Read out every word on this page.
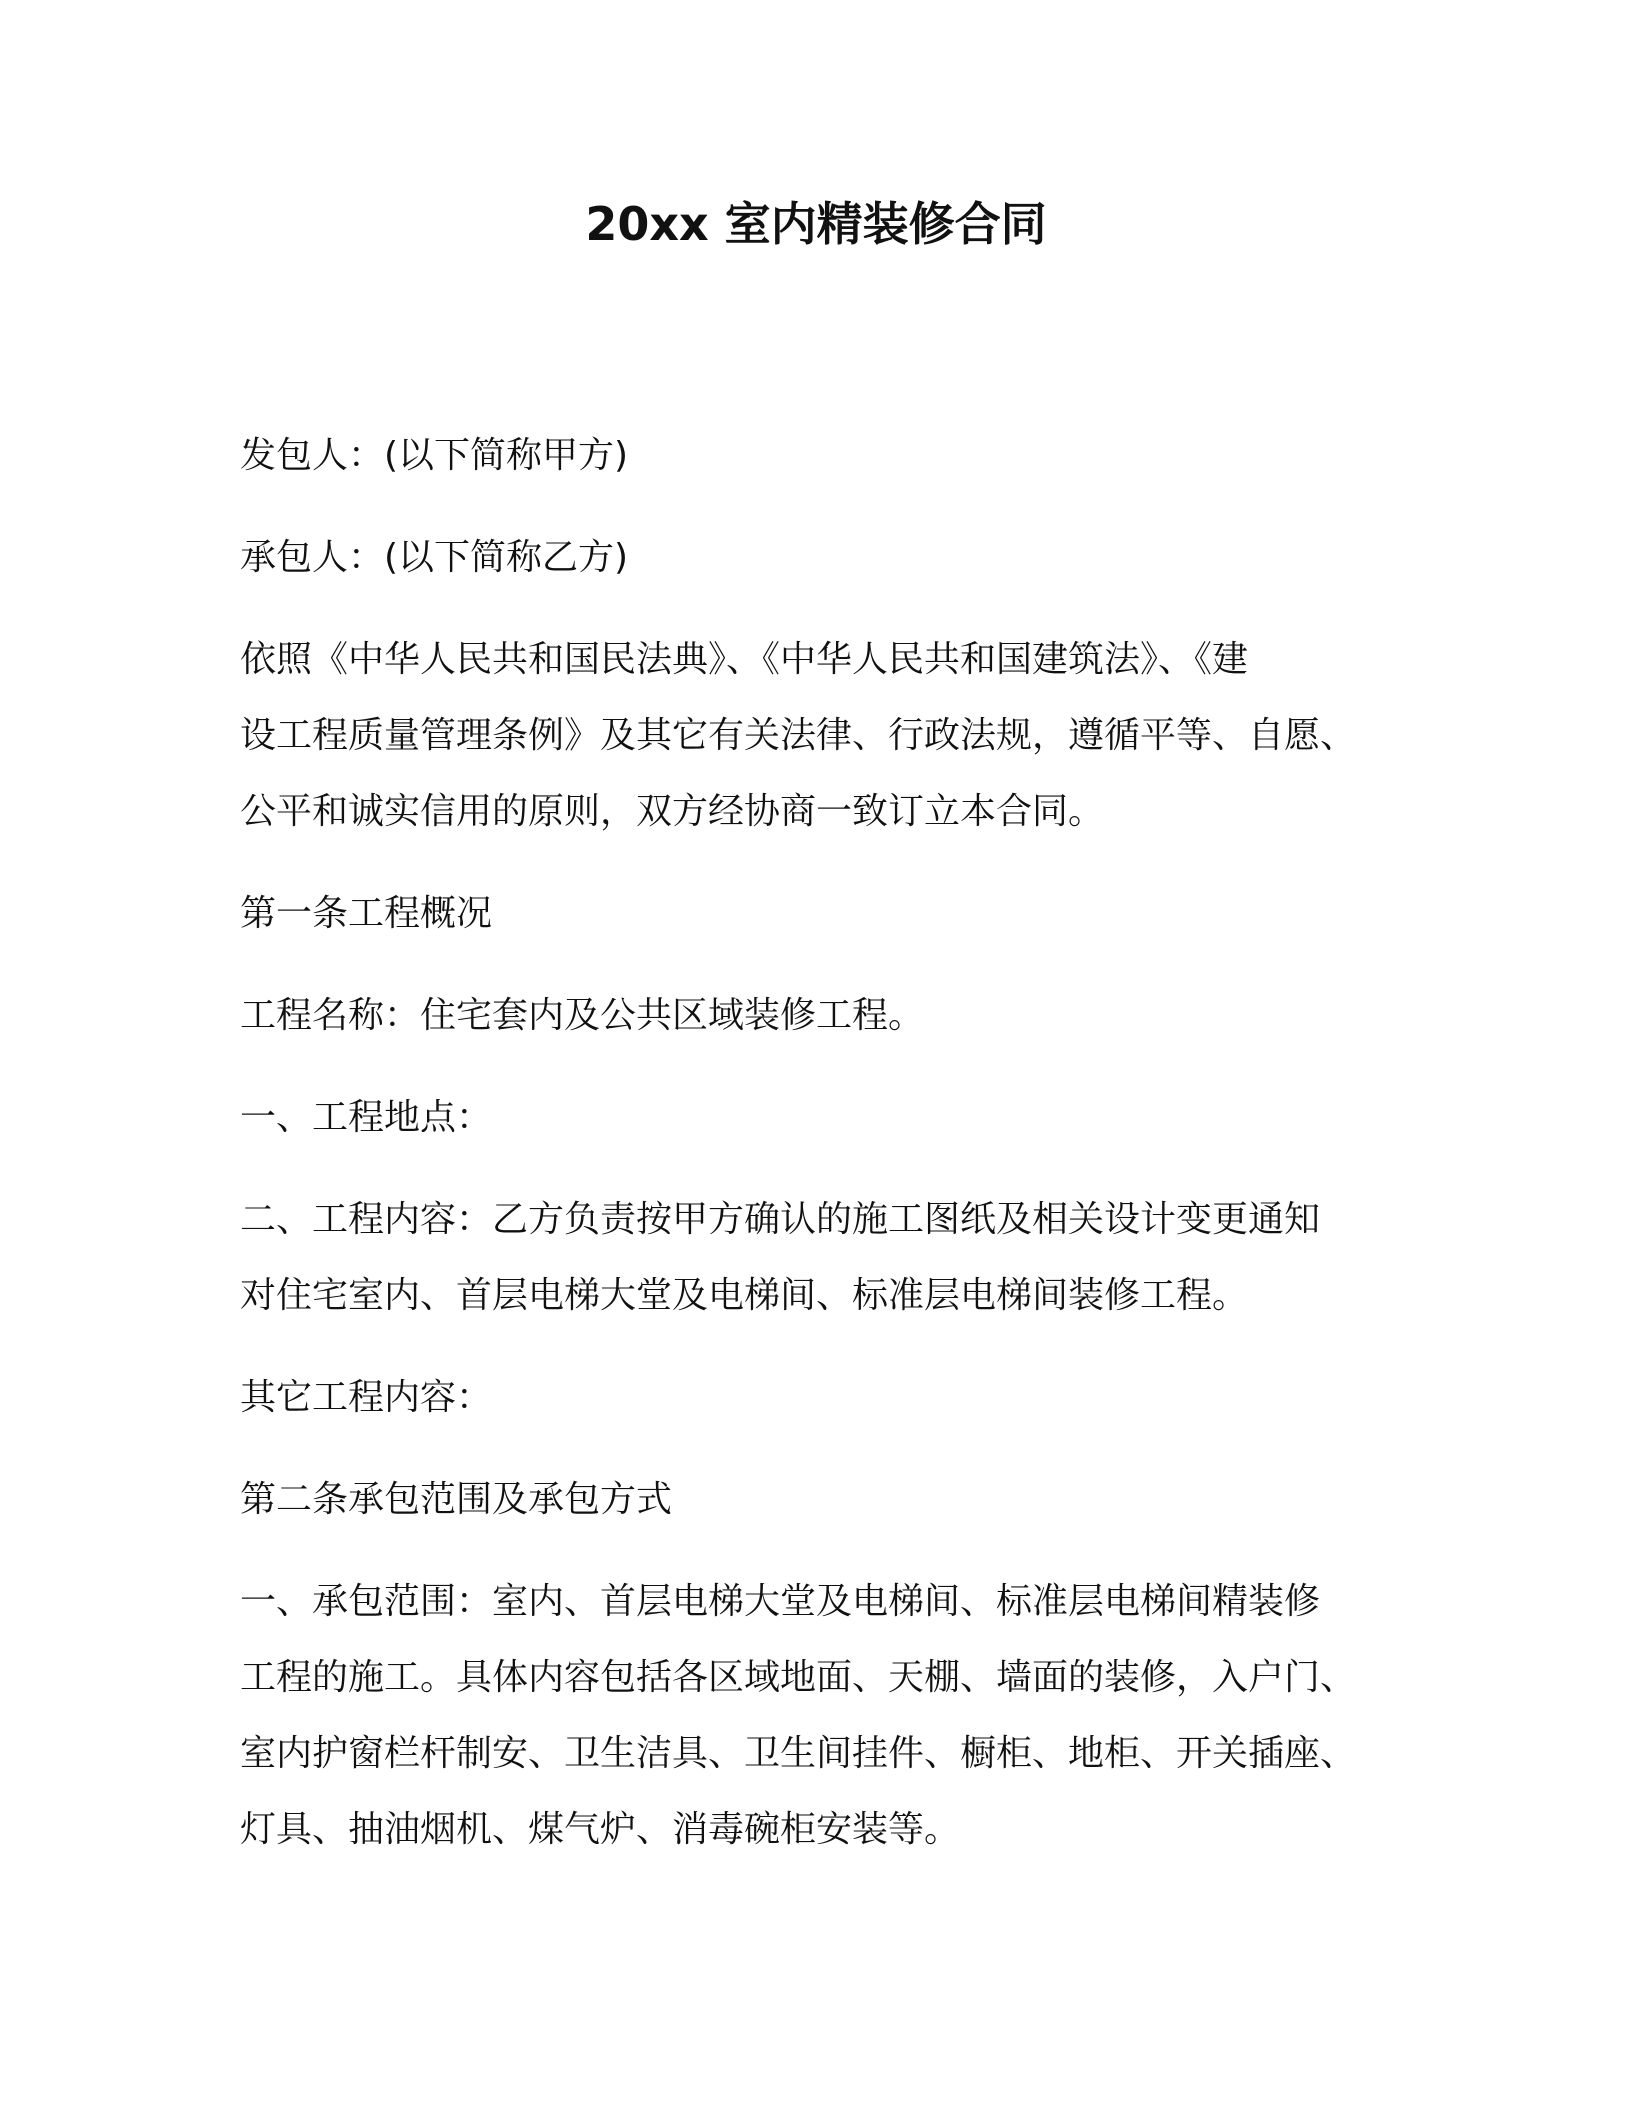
20xx 室内精装修合同

发包人：(以下简称甲方)

承包人：(以下简称乙方)

依照《中华人民共和国民法典》、《中华人民共和国建筑法》、《建
设工程质量管理条例》及其它有关法律、行政法规，遵循平等、自愿、
公平和诚实信用的原则，双方经协商一致订立本合同。

第一条工程概况

工程名称：住宅套内及公共区域装修工程。

一、工程地点：

二、工程内容：乙方负责按甲方确认的施工图纸及相关设计变更通知
对住宅室内、首层电梯大堂及电梯间、标准层电梯间装修工程。

其它工程内容：

第二条承包范围及承包方式

一、承包范围：室内、首层电梯大堂及电梯间、标准层电梯间精装修
工程的施工。具体内容包括各区域地面、天棚、墙面的装修，入户门、
室内护窗栏杆制安、卫生洁具、卫生间挂件、橱柜、地柜、开关插座、
灯具、抽油烟机、煤气炉、消毒碗柜安装等。
